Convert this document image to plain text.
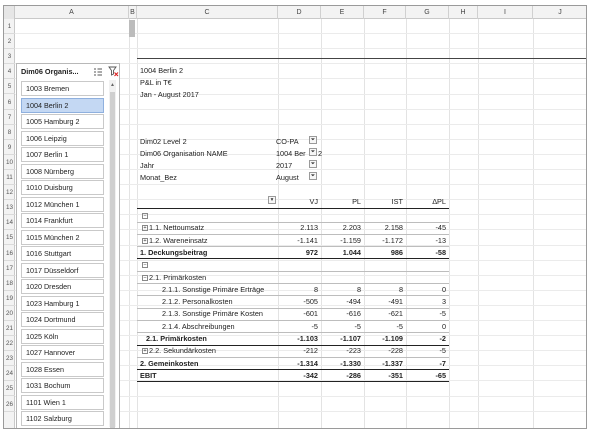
A	B	C	D	E	F	G	H	I	J
1
2
3
4
5
6
7
8
9
10
11
12
13
14
15
16
17
18
19
20
21
22
23
24
25
26
1004 Berlin 2
P&L in T€
Jan - August 2017
Dim02 Level 2	CO-PA	⏷
Dim06 Organisation NAME	1004 Ber ⏷ 2
Jahr	2017	⏷
Monat_Bez	August	⏷
▾	VJ	PL	IST	ΔPL
−
+ 1.1. Nettoumsatz	2.113	2.203	2.158	-45
+ 1.2. Wareneinsatz	-1.141	-1.159	-1.172	-13
1. Deckungsbeitrag	972	1.044	986	-58
−
− 2.1. Primärkosten
2.1.1. Sonstige Primäre Erträge	8	8	8	0
2.1.2. Personalkosten	-505	-494	-491	3
2.1.3. Sonstige Primäre Kosten	-601	-616	-621	-5
2.1.4. Abschreibungen	-5	-5	-5	0
2.1. Primärkosten	-1.103	-1.107	-1.109	-2
+ 2.2. Sekundärkosten	-212	-223	-228	-5
2. Gemeinkosten	-1.314	-1.330	-1.337	-7
EBIT	-342	-286	-351	-65
Dim06 Organis...
1003 Bremen
1004 Berlin 2
1005 Hamburg 2
1006 Leipzig
1007 Berlin 1
1008 Nürnberg
1010 Duisburg
1012 München 1
1014 Frankfurt
1015 München 2
1016 Stuttgart
1017 Düsseldorf
1020 Dresden
1023 Hamburg 1
1024 Dortmund
1025 Köln
1027 Hannover
1028 Essen
1031 Bochum
1101 Wien 1
1102 Salzburg
▲
